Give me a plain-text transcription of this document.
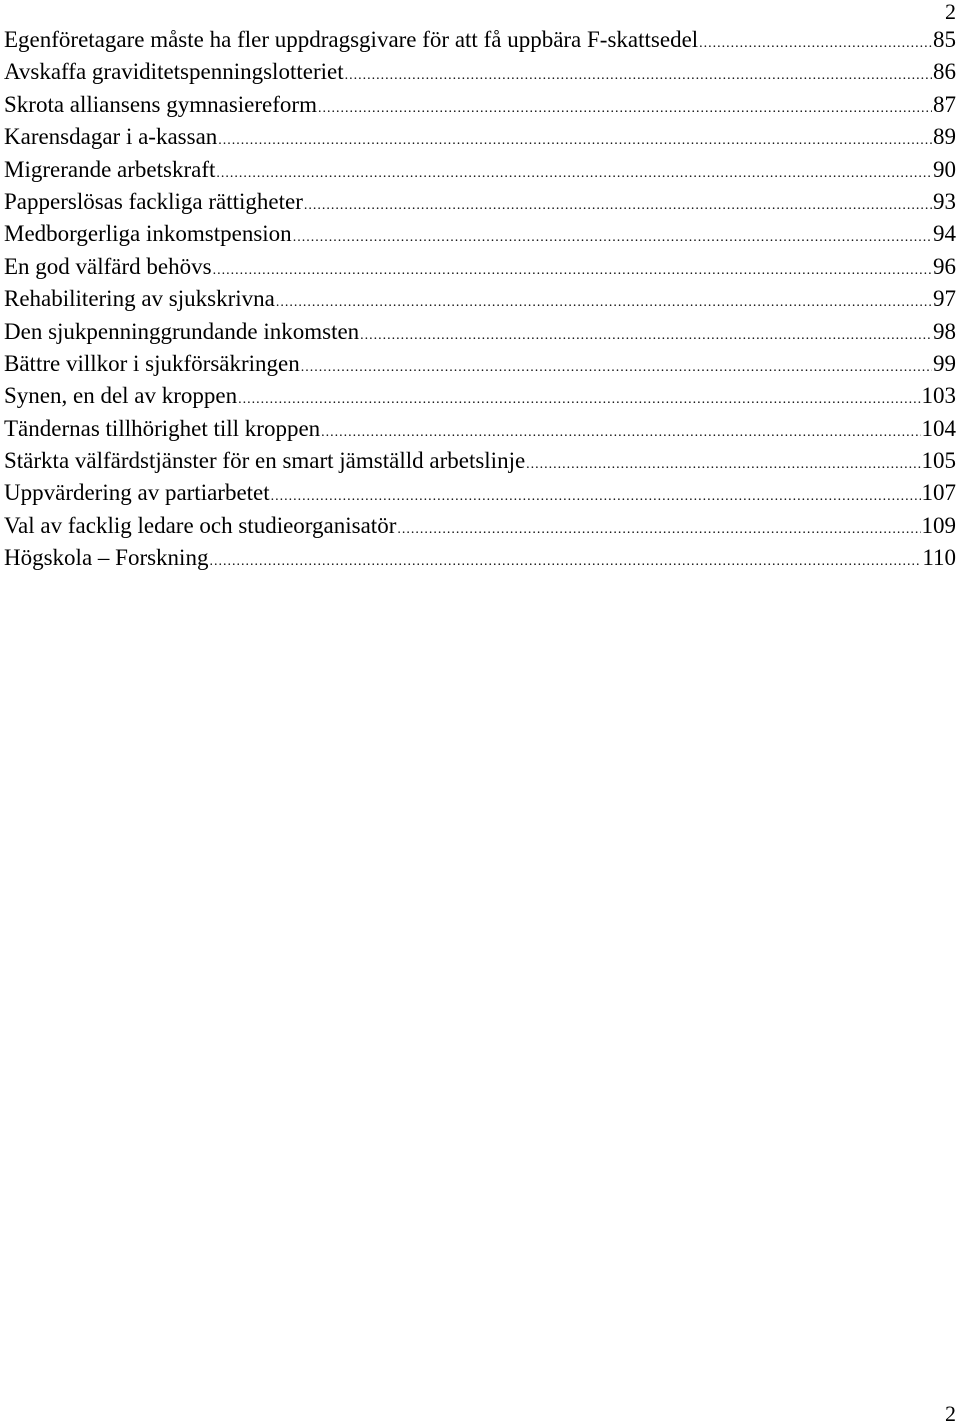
2
Egenföretagare måste ha fler uppdragsgivare för att få uppbära F-skattsedel .....	85
Avskaffa graviditetspenningslotteriet .....	86
Skrota alliansens gymnasiereform .....	87
Karensdagar i a-kassan .....	89
Migrerande arbetskraft .....	90
Papperslösas fackliga rättigheter .....	93
Medborgerliga inkomstpension .....	94
En god välfärd behövs .....	96
Rehabilitering av sjukskrivna .....	97
Den sjukpenninggrundande inkomsten .....	98
Bättre villkor i sjukförsäkringen .....	99
Synen, en del av kroppen .....	103
Tändernas tillhörighet till kroppen .....	104
Stärkta välfärdstjänster för en smart jämställd arbetslinje .....	105
Uppvärdering av partiarbetet .....	107
Val av facklig ledare och studieorganisatör .....	109
Högskola – Forskning .....	110
2
